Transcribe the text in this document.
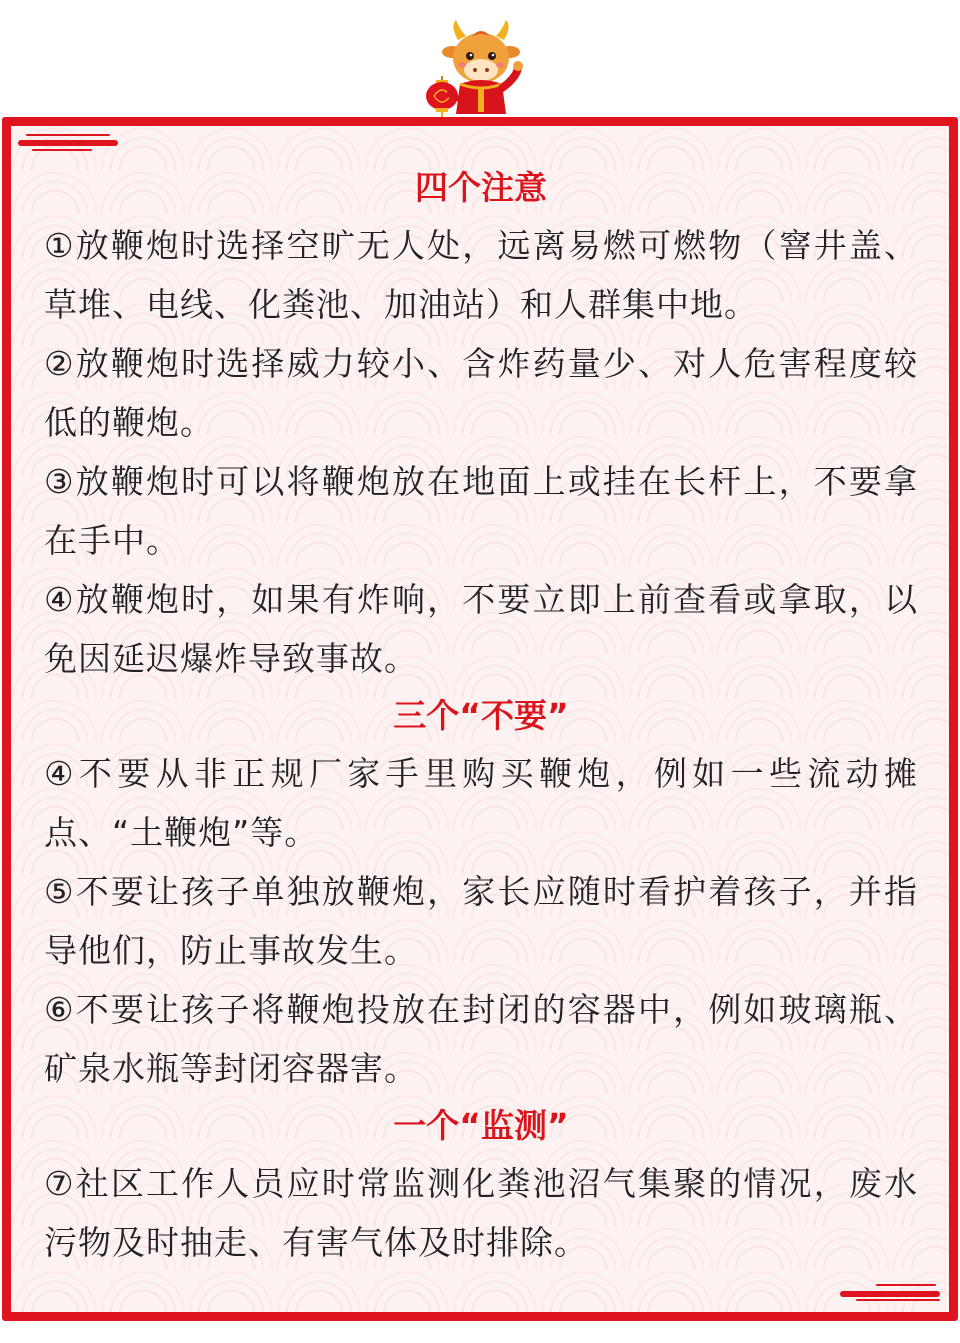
四个注意

①放鞭炮时选择空旷无人处，远离易燃可燃物（窨井盖、草堆、电线、化粪池、加油站）和人群集中地。

②放鞭炮时选择威力较小、含炸药量少、对人危害程度较低的鞭炮。

③放鞭炮时可以将鞭炮放在地面上或挂在长杆上，不要拿在手中。

④放鞭炮时，如果有炸响，不要立即上前查看或拿取，以免因延迟爆炸导致事故。

三个“不要”

④不要从非正规厂家手里购买鞭炮，例如一些流动摊点、“土鞭炮”等。

⑤不要让孩子单独放鞭炮，家长应随时看护着孩子，并指导他们，防止事故发生。

⑥不要让孩子将鞭炮投放在封闭的容器中，例如玻璃瓶、矿泉水瓶等封闭容器害。

一个“监测”

⑦社区工作人员应时常监测化粪池沼气集聚的情况，废水污物及时抽走、有害气体及时排除。
